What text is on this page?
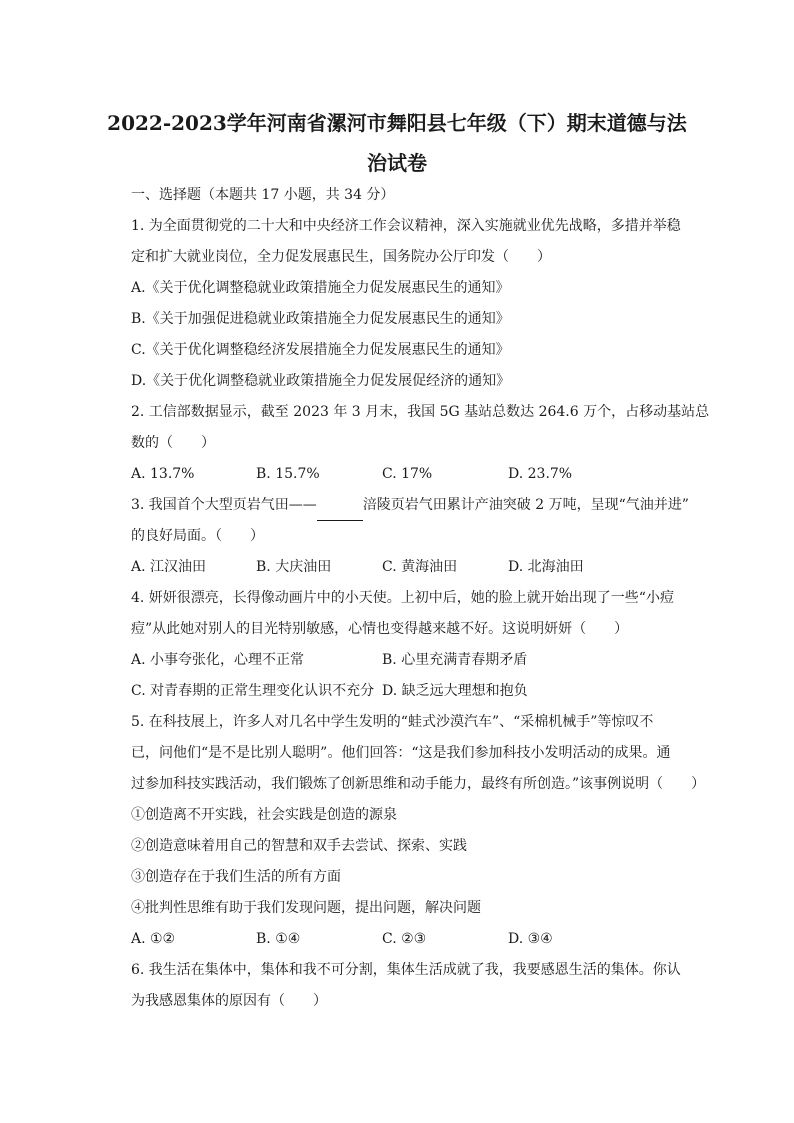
2022-2023学年河南省漯河市舞阳县七年级（下）期末道德与法
治试卷
一、选择题（本题共 17 小题，共 34 分）
1. 为全面贯彻党的二十大和中央经济工作会议精神，深入实施就业优先战略，多措并举稳
定和扩大就业岗位，全力促发展惠民生，国务院办公厅印发（　　）
A.《关于优化调整稳就业政策措施全力促发展惠民生的通知》
B.《关于加强促进稳就业政策措施全力促发展惠民生的通知》
C.《关于优化调整稳经济发展措施全力促发展惠民生的通知》
D.《关于优化调整稳就业政策措施全力促发展促经济的通知》
2. 工信部数据显示，截至 2023 年 3 月末，我国 5G 基站总数达 264.6 万个，占移动基站总
数的（　　）
A. 13.7%	B. 15.7%	C. 17%	D. 23.7%
3. 我国首个大型页岩气田——	涪陵页岩气田累计产油突破 2 万吨，呈现“气油并进”
的良好局面。（　　）
A. 江汉油田	B. 大庆油田	C. 黄海油田	D. 北海油田
4. 妍妍很漂亮，长得像动画片中的小天使。上初中后，她的脸上就开始出现了一些“小痘
痘”从此她对别人的目光特别敏感，心情也变得越来越不好。这说明妍妍（　　）
A. 小事夸张化，心理不正常	B. 心里充满青春期矛盾
C. 对青春期的正常生理变化认识不充分 D. 缺乏远大理想和抱负
5. 在科技展上，许多人对几名中学生发明的“蛙式沙漠汽车”、“采棉机械手”等惊叹不
已，问他们“是不是比别人聪明”。他们回答：“这是我们参加科技小发明活动的成果。通
过参加科技实践活动，我们锻炼了创新思维和动手能力，最终有所创造。”该事例说明（　　）
①创造离不开实践，社会实践是创造的源泉
②创造意味着用自己的智慧和双手去尝试、探索、实践
③创造存在于我们生活的所有方面
④批判性思维有助于我们发现问题，提出问题，解决问题
A. ①②	B. ①④	C. ②③	D. ③④
6. 我生活在集体中，集体和我不可分割，集体生活成就了我，我要感恩生活的集体。你认
为我感恩集体的原因有（　　）
